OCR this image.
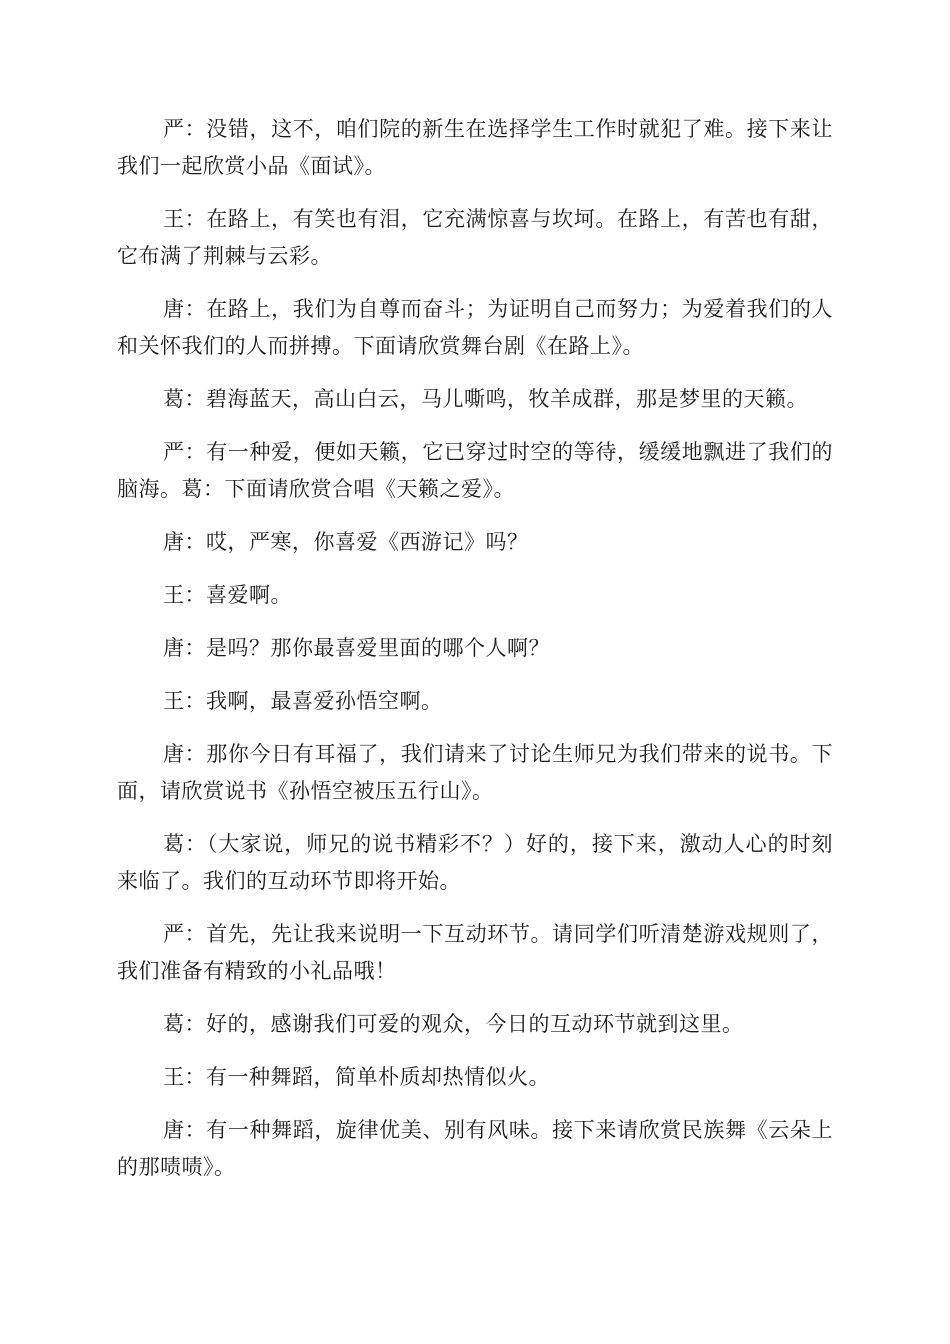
严：没错，这不，咱们院的新生在选择学生工作时就犯了难。接下来让我们一起欣赏小品《面试》。

王：在路上，有笑也有泪，它充满惊喜与坎坷。在路上，有苦也有甜，它布满了荆棘与云彩。

唐：在路上，我们为自尊而奋斗；为证明自己而努力；为爱着我们的人和关怀我们的人而拼搏。下面请欣赏舞台剧《在路上》。

葛：碧海蓝天，高山白云，马儿嘶鸣，牧羊成群，那是梦里的天籁。

严：有一种爱，便如天籁，它已穿过时空的等待，缓缓地飘进了我们的脑海。葛：下面请欣赏合唱《天籁之爱》。

唐：哎，严寒，你喜爱《西游记》吗？

王：喜爱啊。

唐：是吗？那你最喜爱里面的哪个人啊？

王：我啊，最喜爱孙悟空啊。

唐：那你今日有耳福了，我们请来了讨论生师兄为我们带来的说书。下面，请欣赏说书《孙悟空被压五行山》。

葛：（大家说，师兄的说书精彩不？）好的，接下来，激动人心的时刻来临了。我们的互动环节即将开始。

严：首先，先让我来说明一下互动环节。请同学们听清楚游戏规则了，我们准备有精致的小礼品哦！

葛：好的，感谢我们可爱的观众，今日的互动环节就到这里。

王：有一种舞蹈，简单朴质却热情似火。

唐：有一种舞蹈，旋律优美、别有风味。接下来请欣赏民族舞《云朵上的那啧啧》。
